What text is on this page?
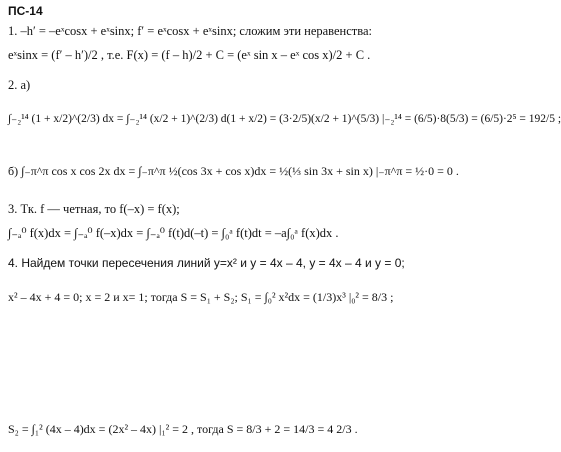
ПС-14
1. –h′ = –eˣcosx + eˣsinx; f′ = eˣcosx + eˣsinx; сложим эти неравенства:
eˣsinx = (f′ – h′)/2 , т.е. F(x) = (f – h)/2 + C = (eˣ sin x – eˣ cos x)/2 + C .
2. а)
∫₋₂¹⁴ (1 + x/2)^(2/3) dx = ∫₋₂¹⁴ (x/2 + 1)^(2/3) d(1 + x/2) = (3·2/5)(x/2 + 1)^(5/3) |₋₂¹⁴ = (6/5)·8(5/3) = (6/5)·2⁵ = 192/5 ;
б) ∫₋π^π cos x cos 2x dx = ∫₋π^π ½(cos 3x + cos x)dx = ½(⅓ sin 3x + sin x) |₋π^π = ½·0 = 0 .
3. Тк. f — четная, то f(–x) = f(x);
∫₋ₐ⁰ f(x)dx = ∫₋ₐ⁰ f(–x)dx = ∫₋ₐ⁰ f(t)d(–t) = ∫₀ᵃ f(t)dt = –a∫₀ᵃ f(x)dx .
4. Найдем точки пересечения линий y=x² и y = 4x – 4, y = 4x – 4 и y = 0;
x² – 4x + 4 = 0; x = 2 и x= 1; тогда S = S₁ + S₂; S₁ = ∫₀² x²dx = (1/3)x³ |₀² = 8/3 ;
S₂ = ∫₁² (4x – 4)dx = (2x² – 4x) |₁² = 2 , тогда S = 8/3 + 2 = 14/3 = 4 2/3 .
